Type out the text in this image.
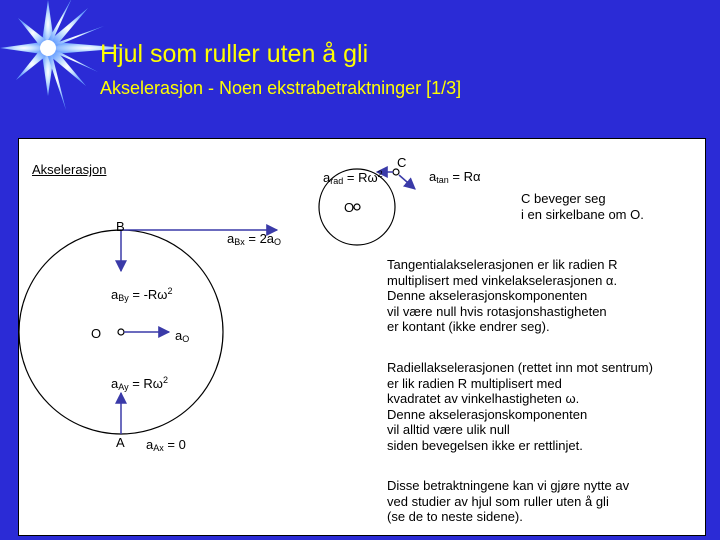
Hjul som ruller uten å gli
Akselerasjon - Noen ekstrabetraktninger [1/3]
Akselerasjon
B
$a_{Bx} = 2a_O$
$a_{By} = -R\omega^2$
O	$a_O$
$a_{Ay} = R\omega^2$
A $a_{Ax} = 0$
$a_{rad} = R\omega^2$
C
$a_{tan} = R\alpha$
O
C beveger seg
i en sirkelbane om O.
Tangentialakselerasjonen er lik radien R
multiplisert med vinkelakselerasjonen α.
Denne akselerasjonskomponenten
vil være null hvis rotasjonshastigheten
er kontant (ikke endrer seg).
Radiellakselerasjonen (rettet inn mot sentrum)
er lik radien R multiplisert med
kvadratet av vinkelhastigheten ω.
Denne akselerasjonskomponenten
vil alltid være ulik null
siden bevegelsen ikke er rettlinjet.
Disse betraktningene kan vi gjøre nytte av
ved studier av hjul som ruller uten å gli
(se de to neste sidene).
